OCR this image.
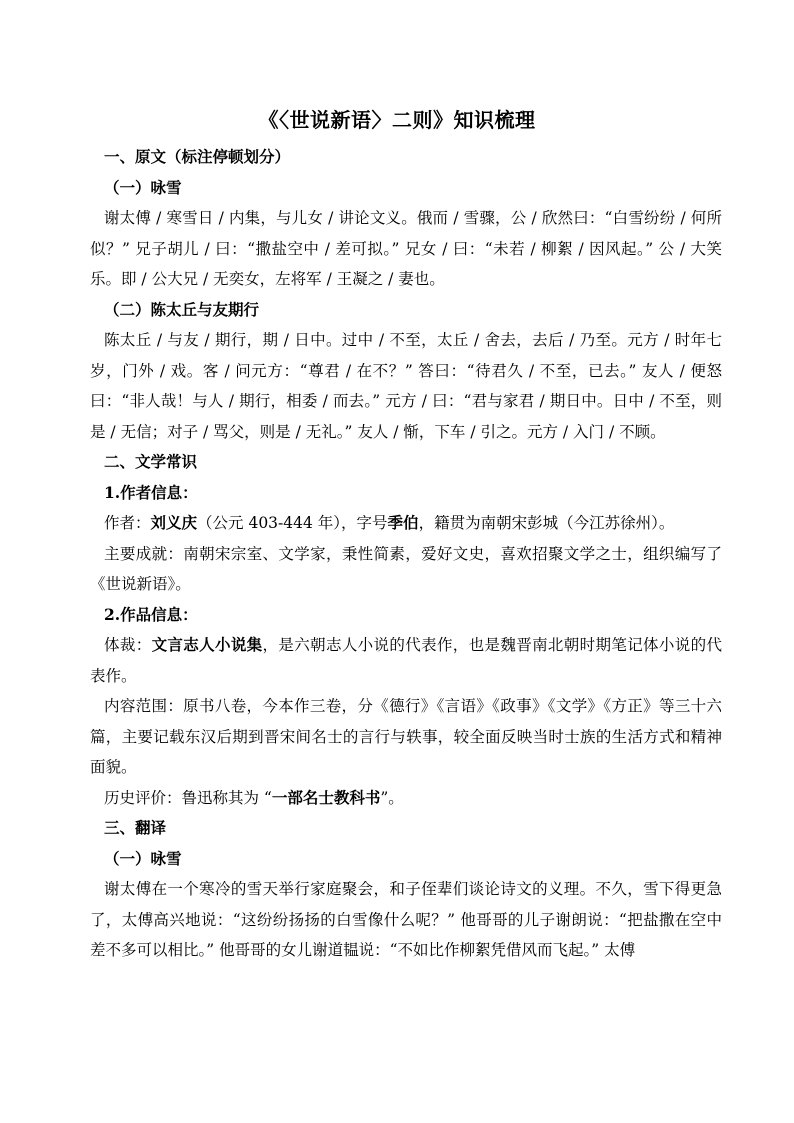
《〈世说新语〉二则》知识梳理

一、原文（标注停顿划分）

（一）咏雪

谢太傅 / 寒雪日 / 内集，与儿女 / 讲论文义。俄而 / 雪骤，公 / 欣然曰：“白雪纷纷 / 何所似？” 兄子胡儿 / 曰：“撒盐空中 / 差可拟。” 兄女 / 曰：“未若 / 柳絮 / 因风起。” 公 / 大笑乐。即 / 公大兄 / 无奕女，左将军 / 王凝之 / 妻也。

（二）陈太丘与友期行

陈太丘 / 与友 / 期行，期 / 日中。过中 / 不至，太丘 / 舍去，去后 / 乃至。元方 / 时年七岁，门外 / 戏。客 / 问元方：“尊君 / 在不？” 答曰：“待君久 / 不至，已去。” 友人 / 便怒曰：“非人哉！与人 / 期行，相委 / 而去。” 元方 / 曰：“君与家君 / 期日中。日中 / 不至，则是 / 无信；对子 / 骂父，则是 / 无礼。” 友人 / 惭，下车 / 引之。元方 / 入门 / 不顾。

二、文学常识

1.作者信息：

作者：刘义庆（公元 403-444 年），字号季伯，籍贯为南朝宋彭城（今江苏徐州）。

主要成就：南朝宋宗室、文学家，秉性简素，爱好文史，喜欢招聚文学之士，组织编写了《世说新语》。

2.作品信息：

体裁：文言志人小说集，是六朝志人小说的代表作，也是魏晋南北朝时期笔记体小说的代表作。

内容范围：原书八卷，今本作三卷，分《德行》《言语》《政事》《文学》《方正》等三十六篇，主要记载东汉后期到晋宋间名士的言行与轶事，较全面反映当时士族的生活方式和精神面貌。

历史评价：鲁迅称其为 “一部名士教科书”。

三、翻译

（一）咏雪

谢太傅在一个寒冷的雪天举行家庭聚会，和子侄辈们谈论诗文的义理。不久，雪下得更急了，太傅高兴地说：“这纷纷扬扬的白雪像什么呢？” 他哥哥的儿子谢朗说：“把盐撒在空中差不多可以相比。” 他哥哥的女儿谢道韫说：“不如比作柳絮凭借风而飞起。” 太傅
